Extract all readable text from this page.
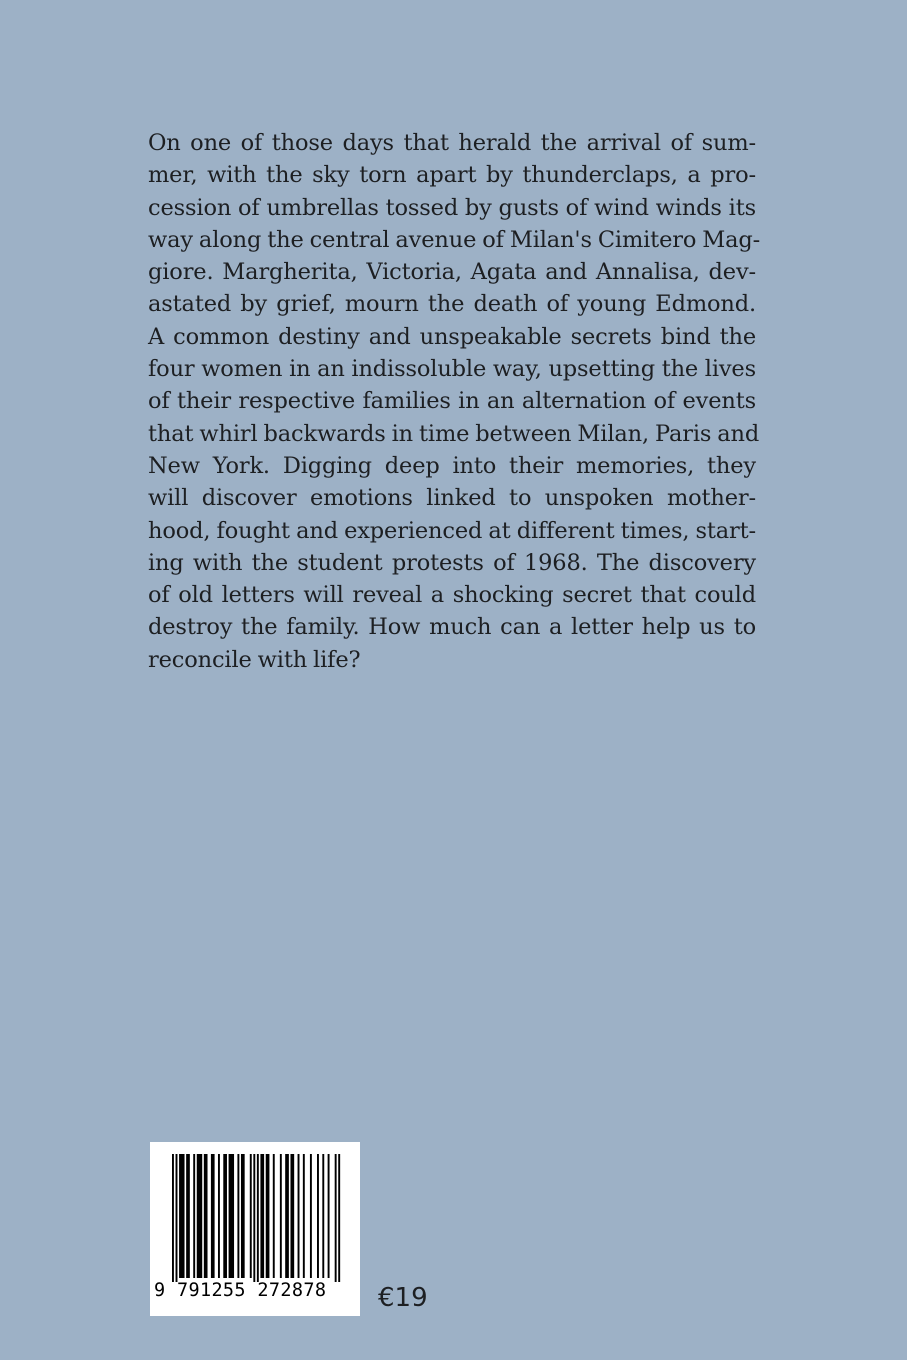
On one of those days that herald the arrival of sum-
mer, with the sky torn apart by thunderclaps, a pro-
cession of umbrellas tossed by gusts of wind winds its
way along the central avenue of Milan's Cimitero Mag-
giore. Margherita, Victoria, Agata and Annalisa, dev-
astated by grief, mourn the death of young Edmond.
A common destiny and unspeakable secrets bind the
four women in an indissoluble way, upsetting the lives
of their respective families in an alternation of events
that whirl backwards in time between Milan, Paris and
New York. Digging deep into their memories, they
will discover emotions linked to unspoken mother-
hood, fought and experienced at different times, start-
ing with the student protests of 1968. The discovery
of old letters will reveal a shocking secret that could
destroy the family. How much can a letter help us to
reconcile with life?
9 791255 272878	€19
